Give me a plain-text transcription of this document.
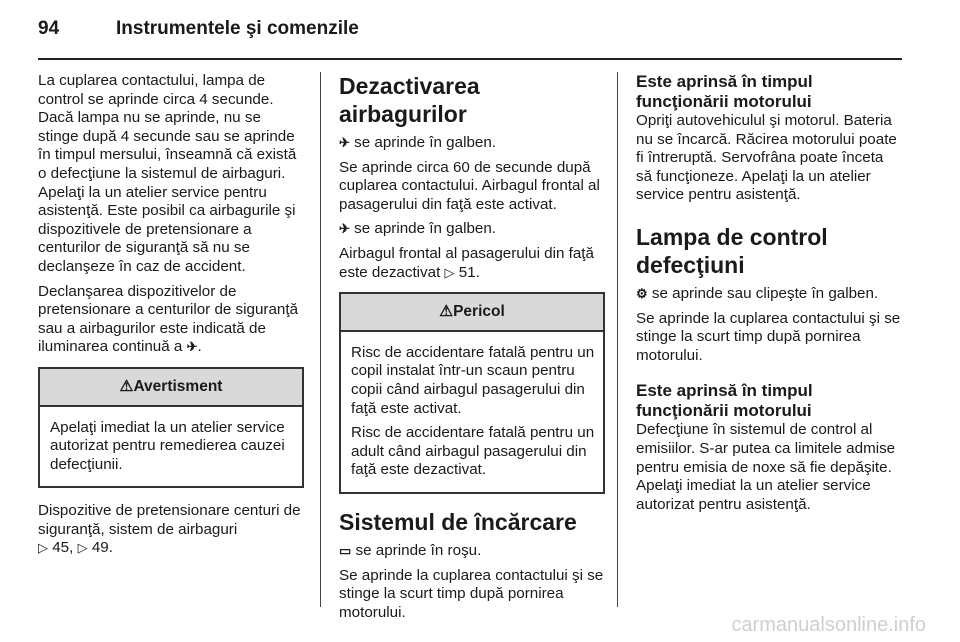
94	Instrumentele şi comenzile

La cuplarea contactului, lampa de control se aprinde circa 4 secunde. Dacă lampa nu se aprinde, nu se stinge după 4 secunde sau se aprinde în timpul mersului, înseamnă că există o defecţiune la sistemul de airbaguri. Apelaţi la un atelier service pentru asistenţă. Este posibil ca airbagurile şi dispozitivele de pretensionare a centurilor de siguranţă să nu se declanşeze în caz de accident.

Declanşarea dispozitivelor de pretensionare a centurilor de siguranţă sau a airbagurilor este indicată de iluminarea continuă a ✈.

⚠Avertisment

Apelaţi imediat la un atelier service autorizat pentru remedierea cauzei defecţiunii.

Dispozitive de pretensionare centuri de siguranţă, sistem de airbaguri
▷ 45, ▷ 49.

Dezactivarea airbagurilor

✈ se aprinde în galben.

Se aprinde circa 60 de secunde după cuplarea contactului. Airbagul frontal al pasagerului din faţă este activat.

✈ se aprinde în galben.

Airbagul frontal al pasagerului din faţă este dezactivat ▷ 51.

⚠Pericol

Risc de accidentare fatală pentru un copil instalat într-un scaun pentru copii când airbagul pasagerului din faţă este activat.

Risc de accidentare fatală pentru un adult când airbagul pasagerului din faţă este dezactivat.

Sistemul de încărcare

▭ se aprinde în roşu.

Se aprinde la cuplarea contactului şi se stinge la scurt timp după pornirea motorului.

Este aprinsă în timpul funcţionării motorului

Opriţi autovehiculul şi motorul. Bateria nu se încarcă. Răcirea motorului poate fi întreruptă. Servofrâna poate înceta să funcţioneze. Apelaţi la un atelier service pentru asistenţă.

Lampa de control defecţiuni

⚙ se aprinde sau clipeşte în galben.

Se aprinde la cuplarea contactului şi se stinge la scurt timp după pornirea motorului.

Este aprinsă în timpul funcţionării motorului

Defecţiune în sistemul de control al emisiilor. S-ar putea ca limitele admise pentru emisia de noxe să fie depăşite. Apelaţi imediat la un atelier service autorizat pentru asistenţă.

carmanualsonline.info
